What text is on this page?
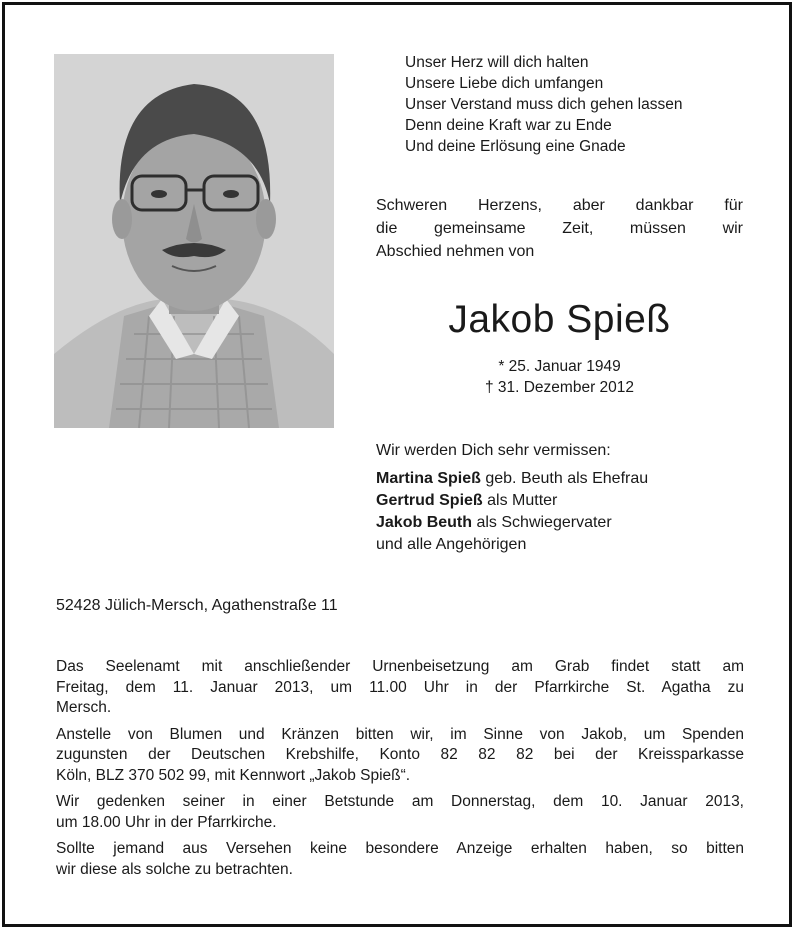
Unser Herz will dich halten
Unsere Liebe dich umfangen
Unser Verstand muss dich gehen lassen
Denn deine Kraft war zu Ende
Und deine Erlösung eine Gnade
Schweren Herzens, aber dankbar für
die gemeinsame Zeit, müssen wir
Abschied nehmen von
Jakob Spieß
* 25. Januar 1949
† 31. Dezember 2012
Wir werden Dich sehr vermissen:
Martina Spieß geb. Beuth als Ehefrau
Gertrud Spieß als Mutter
Jakob Beuth als Schwiegervater
und alle Angehörigen
52428 Jülich-Mersch, Agathenstraße 11
Das Seelenamt mit anschließender Urnenbeisetzung am Grab findet statt am
Freitag, dem 11. Januar 2013, um 11.00 Uhr in der Pfarrkirche St. Agatha zu
Mersch.
Anstelle von Blumen und Kränzen bitten wir, im Sinne von Jakob, um Spenden
zugunsten der Deutschen Krebshilfe, Konto 82 82 82 bei der Kreissparkasse
Köln, BLZ 370 502 99, mit Kennwort „Jakob Spieß“.
Wir gedenken seiner in einer Betstunde am Donnerstag, dem 10. Januar 2013,
um 18.00 Uhr in der Pfarrkirche.
Sollte jemand aus Versehen keine besondere Anzeige erhalten haben, so bitten
wir diese als solche zu betrachten.
